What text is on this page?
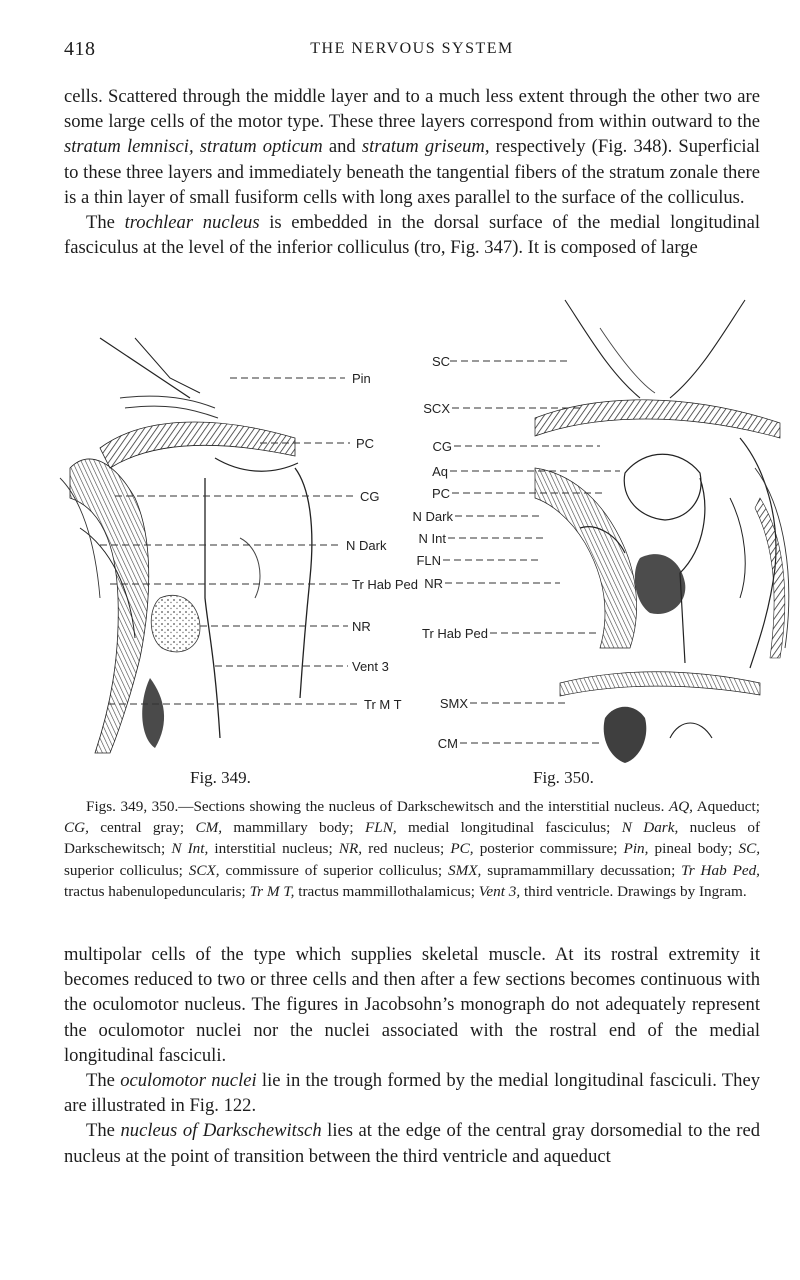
418	THE NERVOUS SYSTEM

cells. Scattered through the middle layer and to a much less extent through the other two are some large cells of the motor type. These three layers correspond from within outward to the stratum lemnisci, stratum opticum and stratum griseum, respectively (Fig. 348). Superficial to these three layers and immediately beneath the tangential fibers of the stratum zonale there is a thin layer of small fusiform cells with long axes parallel to the surface of the colliculus.

The trochlear nucleus is embedded in the dorsal surface of the medial longitudinal fasciculus at the level of the inferior colliculus (tro, Fig. 347). It is composed of large

Pin
PC
CG
N Dark
Tr Hab Ped
NR
Vent 3
Tr M T
SC
SCX
CG
Aq
PC
N Dark
N Int
FLN
NR
Tr Hab Ped
SMX
CM
Fig. 349.	Fig. 350.

Figs. 349, 350.—Sections showing the nucleus of Darkschewitsch and the interstitial nucleus. AQ, Aqueduct; CG, central gray; CM, mammillary body; FLN, medial longitudinal fasciculus; N Dark, nucleus of Darkschewitsch; N Int, interstitial nucleus; NR, red nucleus; PC, posterior commissure; Pin, pineal body; SC, superior colliculus; SCX, commissure of superior colliculus; SMX, supramammillary decussation; Tr Hab Ped, tractus habenulopeduncularis; Tr M T, tractus mammillothalamicus; Vent 3, third ventricle. Drawings by Ingram.

multipolar cells of the type which supplies skeletal muscle. At its rostral extremity it becomes reduced to two or three cells and then after a few sections becomes continuous with the oculomotor nucleus. The figures in Jacobsohn’s monograph do not adequately represent the oculomotor nuclei nor the nuclei associated with the rostral end of the medial longitudinal fasciculi.

The oculomotor nuclei lie in the trough formed by the medial longitudinal fasciculi. They are illustrated in Fig. 122.

The nucleus of Darkschewitsch lies at the edge of the central gray dorsomedial to the red nucleus at the point of transition between the third ventricle and aqueduct
